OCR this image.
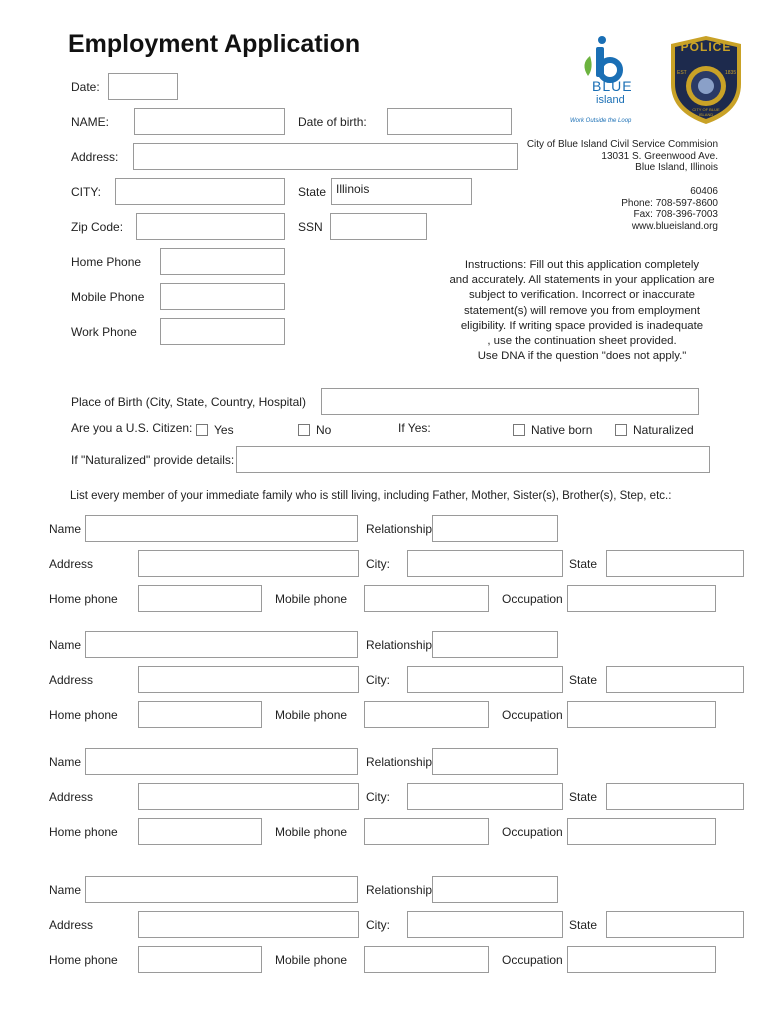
Employment Application
Date:
NAME:	Date of birth:
Address:
CITY:	State Illinois
Zip Code:	SSN
Home Phone
Mobile Phone
Work Phone
BLUE
island
Work Outside the Loop
POLICE
EST	1835
CITY OF BLUE ISLAND
City of Blue Island Civil Service Commision
13031 S. Greenwood Ave.
Blue Island, Illinois
60406
Phone: 708-597-8600
Fax: 708-396-7003
www.blueisland.org
Instructions: Fill out this application completely
and accurately. All statements in your application are
subject to verification. Incorrect or inaccurate
statement(s) will remove you from employment
eligibility. If writing space provided is inadequate
, use the continuation sheet provided.
Use DNA if the question "does not apply."
Place of Birth (City, State, Country, Hospital)
Are you a U.S. Citizen: Yes	No	If Yes:	Native born	Naturalized
If "Naturalized" provide details:
List every member of your immediate family who is still living, including Father, Mother, Sister(s), Brother(s), Step, etc.:
Name	Relationship
Address	City:	State
Home phone	Mobile phone	Occupation
Name	Relationship
Address	City:	State
Home phone	Mobile phone	Occupation
Name	Relationship
Address	City:	State
Home phone	Mobile phone	Occupation
Name	Relationship
Address	City:	State
Home phone	Mobile phone	Occupation
